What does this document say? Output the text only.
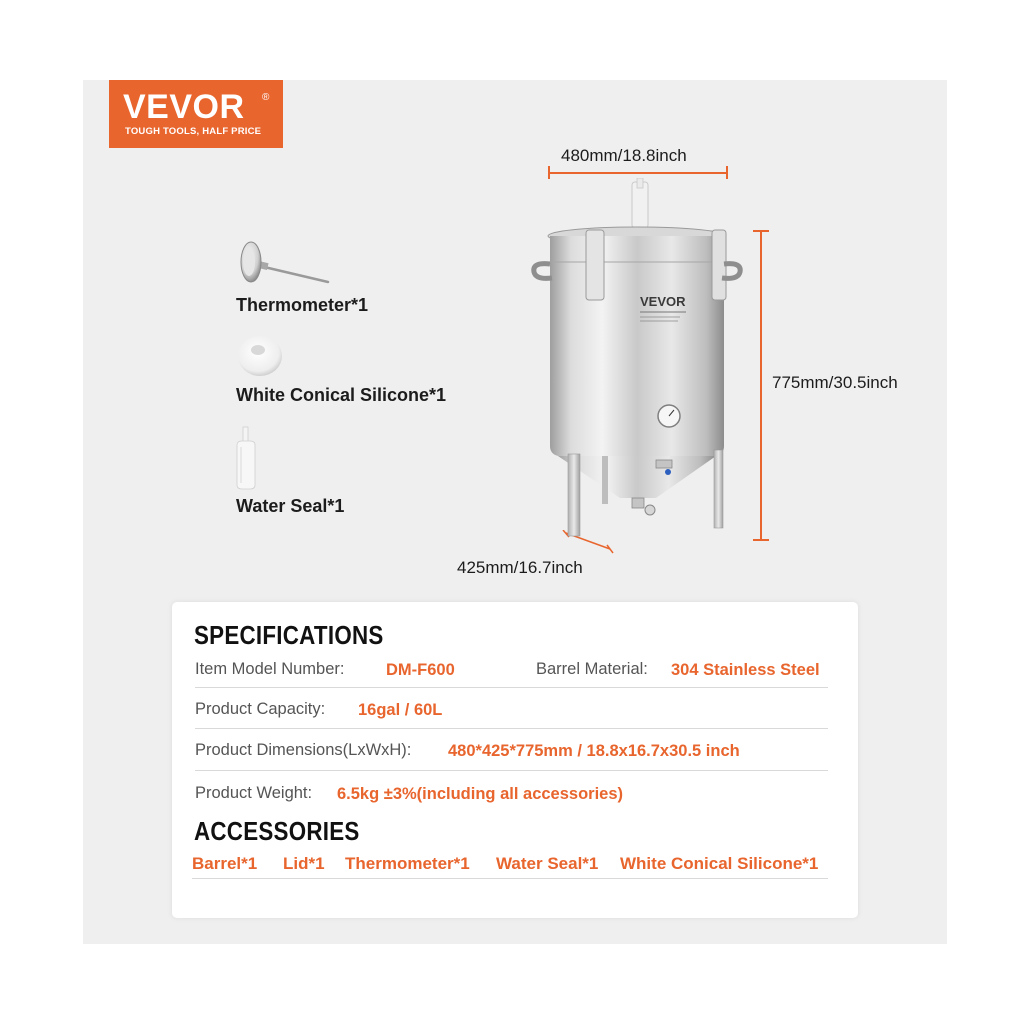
VEVOR ®
TOUGH TOOLS, HALF PRICE
Thermometer*1
White Conical Silicone*1
Water Seal*1
480mm/18.8inch
775mm/30.5inch
425mm/16.7inch
VEVOR
SPECIFICATIONS
Item Model Number:	DM-F600	Barrel Material: 304 Stainless Steel
Product Capacity: 16gal / 60L
Product Dimensions(LxWxH): 480*425*775mm / 18.8x16.7x30.5 inch
Product Weight: 6.5kg ±3%(including all accessories)
ACCESSORIES
Barrel*1 Lid*1 Thermometer*1 Water Seal*1 White Conical Silicone*1
